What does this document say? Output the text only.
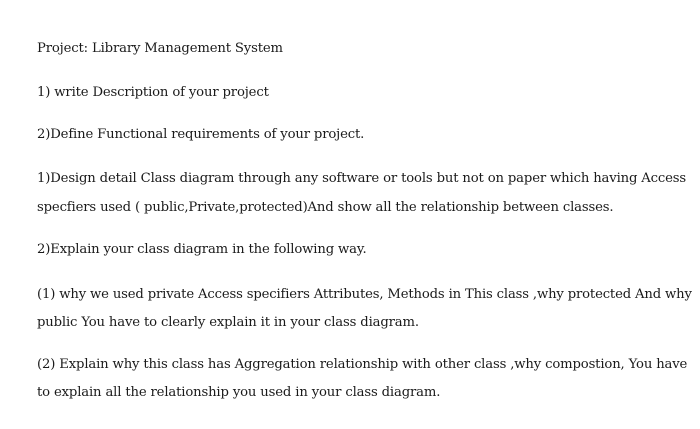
Project: Library Management System
1) write Description of your project
2)Define Functional requirements of your project.
1)Design detail Class diagram through any software or tools but not on paper which having Access
specfiers used ( public,Private,protected)And show all the relationship between classes.
2)Explain your class diagram in the following way.
(1) why we used private Access specifiers Attributes, Methods in This class ,why protected And why
public You have to clearly explain it in your class diagram.
(2) Explain why this class has Aggregation relationship with other class ,why compostion, You have
to explain all the relationship you used in your class diagram.
